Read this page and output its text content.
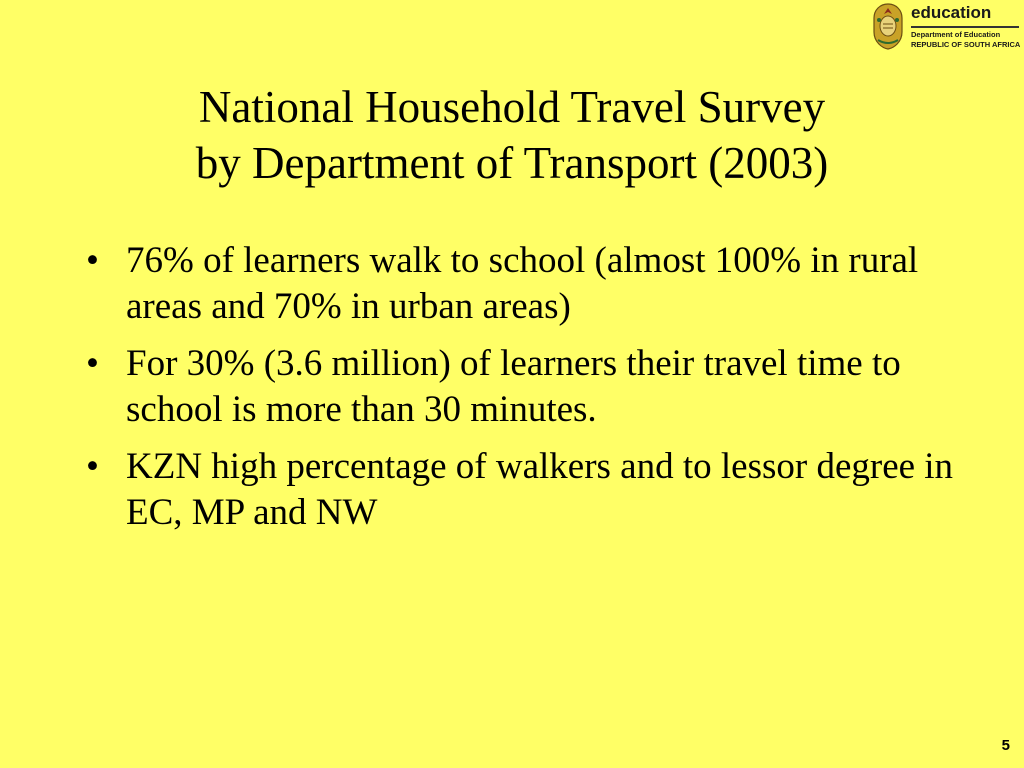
education
Department of Education
REPUBLIC OF SOUTH AFRICA
National Household Travel Survey
by Department of Transport (2003)
• 76% of learners walk to school (almost 100% in rural areas and 70% in urban areas)
• For 30% (3.6 million) of learners their travel time to school is more than 30 minutes.
• KZN high percentage of walkers and to lessor degree in EC, MP and NW
5
